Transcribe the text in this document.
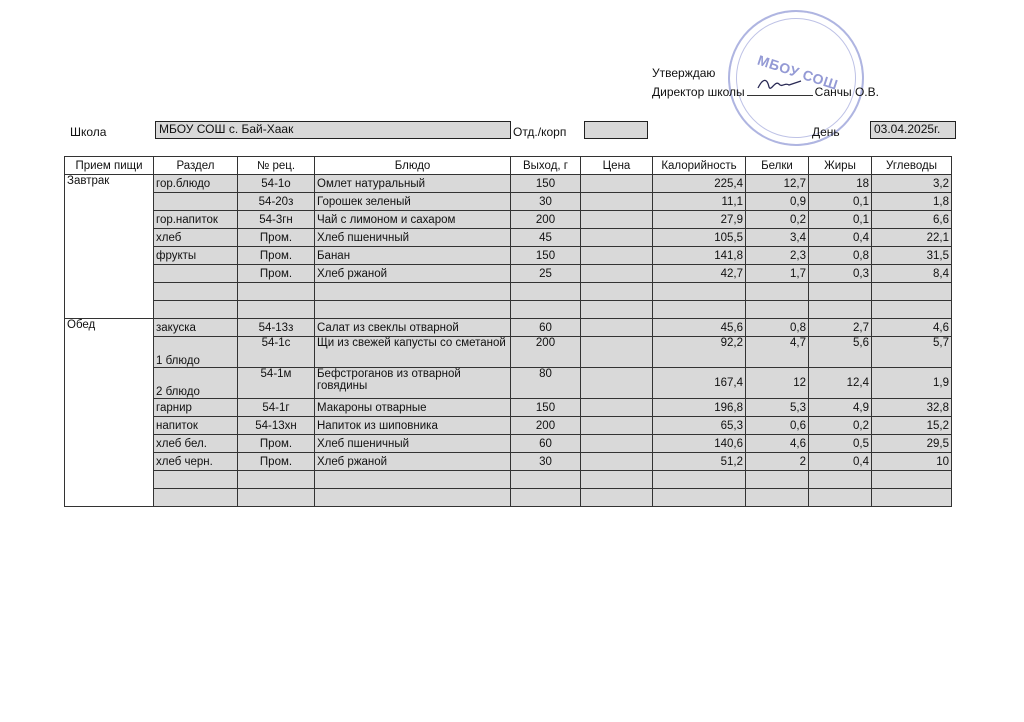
МБОУ СОШ
Утверждаю
Директор школы	Санчы О.В.
Школа	МБОУ СОШ с. Бай-Хаак	Отд./корп	День	03.04.2025г.
Прием пищи	Раздел	№ рец.	Блюдо	Выход, г	Цена	Калорийность	Белки	Жиры	Углеводы
Завтрак	гор.блюдо	54-1о	Омлет натуральный	150		225,4	12,7	18	3,2
		54-20з	Горошек зеленый	30		11,1	0,9	0,1	1,8
	гор.напиток	54-3гн	Чай с лимоном и сахаром	200		27,9	0,2	0,1	6,6
	хлеб	Пром.	Хлеб пшеничный	45		105,5	3,4	0,4	22,1
	фрукты	Пром.	Банан	150		141,8	2,3	0,8	31,5
		Пром.	Хлеб ржаной	25		42,7	1,7	0,3	8,4

Обед	закуска	54-13з	Салат из свеклы отварной	60		45,6	0,8	2,7	4,6
	1 блюдо	54-1с	Щи из свежей капусты со сметаной	200		92,2	4,7	5,6	5,7
	2 блюдо	54-1м	Бефстроганов из отварной говядины	80		167,4	12	12,4	1,9
	гарнир	54-1г	Макароны отварные	150		196,8	5,3	4,9	32,8
	напиток	54-13хн	Напиток из шиповника	200		65,3	0,6	0,2	15,2
	хлеб бел.	Пром.	Хлеб пшеничный	60		140,6	4,6	0,5	29,5
	хлеб черн.	Пром.	Хлеб ржаной	30		51,2	2	0,4	10
